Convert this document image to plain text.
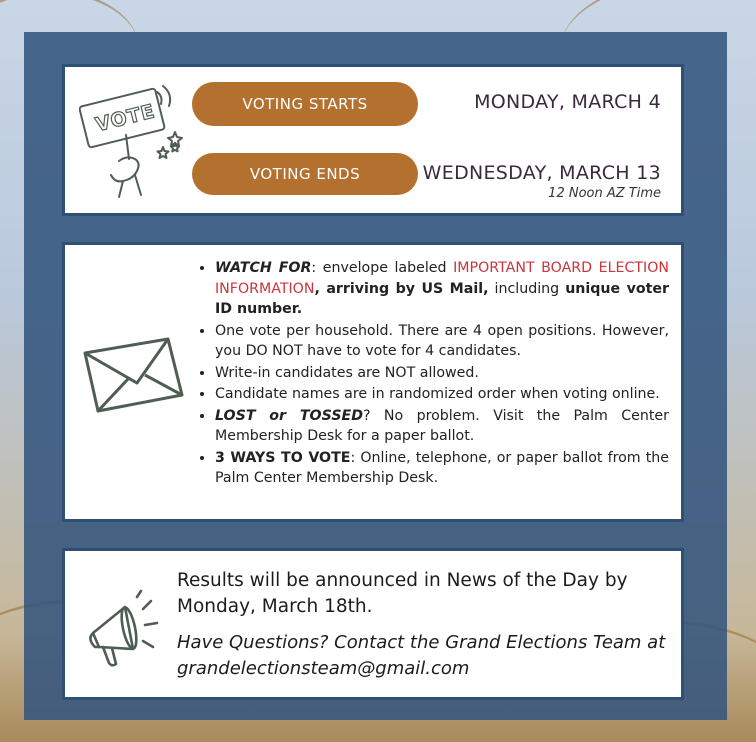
VOTE	VOTING STARTS	MONDAY, MARCH 4
VOTING ENDS	WEDNESDAY, MARCH 13
12 Noon AZ Time
• WATCH FOR: envelope labeled IMPORTANT BOARD ELECTION INFORMATION, arriving by US Mail, including unique voter ID number.
• One vote per household. There are 4 open positions. However, you DO NOT have to vote for 4 candidates.
• Write-in candidates are NOT allowed.
• Candidate names are in randomized order when voting online.
• LOST or TOSSED? No problem. Visit the Palm Center Membership Desk for a paper ballot.
• 3 WAYS TO VOTE: Online, telephone, or paper ballot from the Palm Center Membership Desk.
Results will be announced in News of the Day by Monday, March 18th.
Have Questions? Contact the Grand Elections Team at grandelectionsteam@gmail.com
